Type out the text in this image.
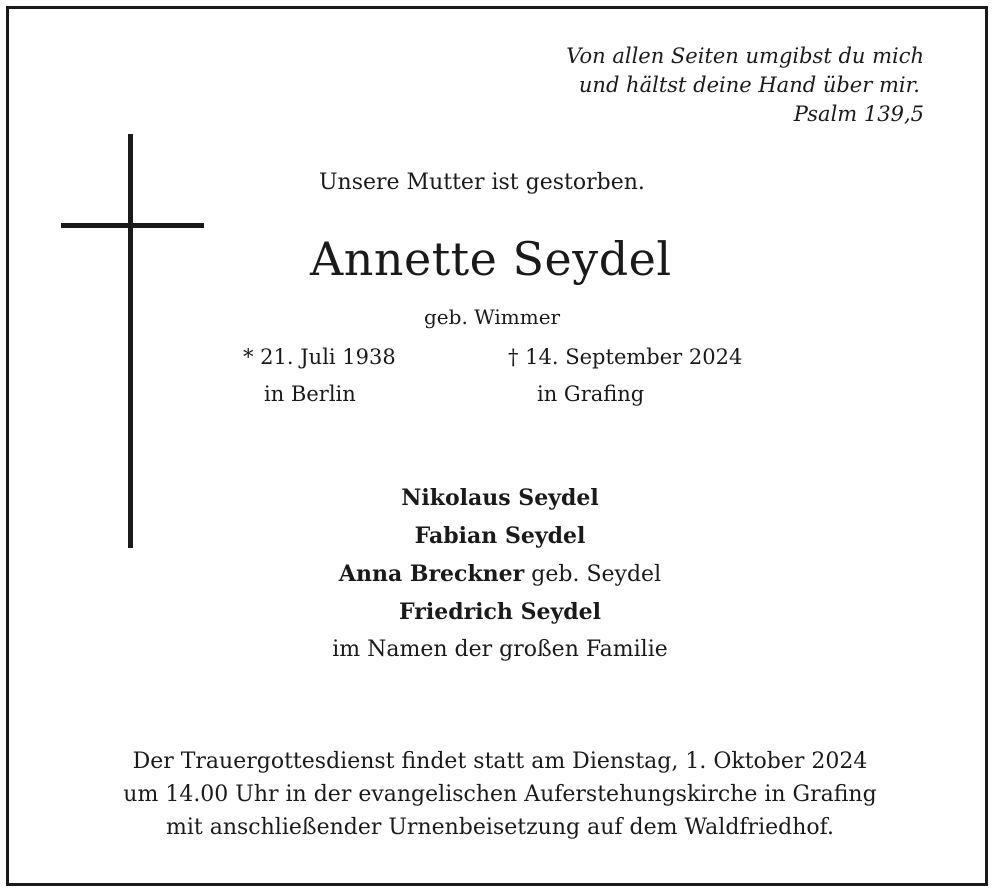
Von allen Seiten umgibst du mich
und hältst deine Hand über mir.
Psalm 139,5
Unsere Mutter ist gestorben.
Annette Seydel
geb. Wimmer
* 21. Juli 1938
in Berlin
† 14. September 2024
in Grafing
Nikolaus Seydel
Fabian Seydel
Anna Breckner geb. Seydel
Friedrich Seydel
im Namen der großen Familie
Der Trauergottesdienst findet statt am Dienstag, 1. Oktober 2024
um 14.00 Uhr in der evangelischen Auferstehungskirche in Grafing
mit anschließender Urnenbeisetzung auf dem Waldfriedhof.
